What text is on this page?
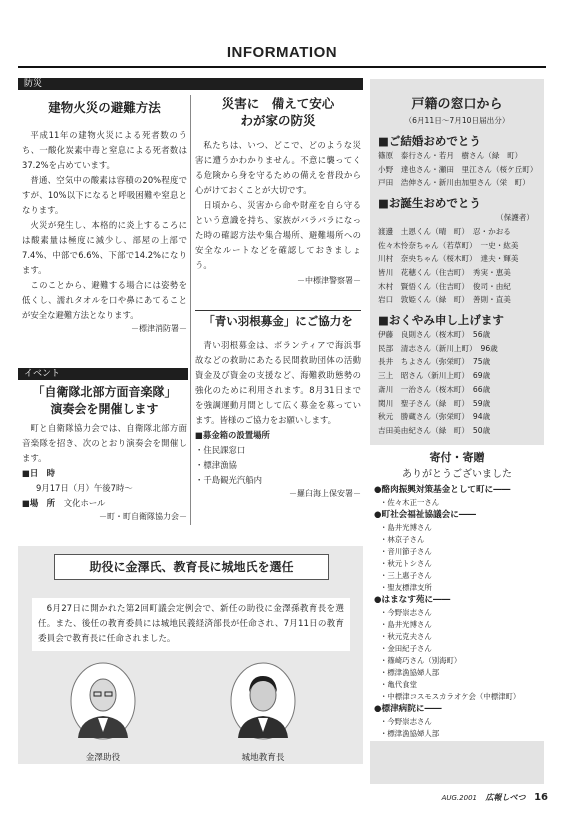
INFORMATION
防災
建物火災の避難方法

平成11年の建物火災による死者数のうち、一酸化炭素中毒と窒息による死者数は37.2%を占めています。

普通、空気中の酸素は容積の20%程度ですが、10%以下になると呼吸困難や窒息となります。

火災が発生し、本格的に炎上するころには酸素量は極度に減少し、部屋の上部で7.4%、中部で6.6%、下部で14.2%になります。

このことから、避難する場合には姿勢を低くし、濡れタオルを口や鼻にあてることが安全な避難方法となります。

－標津消防署－
災害に　備えて安心
わが家の防災

私たちは、いつ、どこで、どのような災害に遭うかわかりません。不意に襲ってくる危険から身を守るための備えを普段から心がけておくことが大切です。

日頃から、災害から命や財産を自ら守るという意識を持ち、家族がバラバラになった時の確認方法や集合場所、避難場所への安全なルートなどを確認しておきましょう。

－中標津警察署－
「青い羽根募金」にご協力を

青い羽根募金は、ボランティアで海浜事故などの救助にあたる民間救助団体の活動資金及び資金の支援など、海難救助態勢の強化のために利用されます。8月31日までを強調運動月間として広く募金を募っています。皆様のご協力をお願いします。

■募金箱の設置場所
・住民課窓口
・標津漁協
・千島観光汽船内
－羅臼海上保安署－
イベント
「自衛隊北部方面音楽隊」
演奏会を開催します

町と自衛隊協力会では、自衛隊北部方面音楽隊を招き、次のとおり演奏会を開催します。

■日　時
9月17日（月）午後7時～
■場　所 文化ホール
－町・町自衛隊協力会－
助役に金澤氏、教育長に城地氏を選任

6月27日に開かれた第2回町議会定例会で、新任の助役に金澤孫教育長を選任。また、後任の教育委員には城地民義経済部長が任命され、7月11日の教育委員会で教育長に任命されました。

金澤助役	城地教育長
戸籍の窓口から
（6月11日～7月10日届出分）
■ご結婚おめでとう
篠原　泰行さん・若月　樹さん（緑　町）
小野　達也さん・瀬田　里江さん（桜ケ丘町）
戸田　浩伸さん・新川由加里さん（栄　町）
■お誕生おめでとう
（保護者）
渡邊　土恩くん（晴　町）　忍・かおる
佐々木怜奈ちゃん（若草町）　一史・紘美
川村　奈央ちゃん（桜木町）　達夫・輝美
皆川　花穂くん（住吉町）　秀実・恵美
木村　賢悟くん（住吉町）　俊司・由紀
岩口　敦姫くん（緑　町）　善則・直美
■おくやみ申し上げます
伊藤　良則さん（桜木町）　56歳
民部　清志さん（新川上町）　96歳
長井　ちよさん（弥栄町）　75歳
三上　昭さん（新川上町）　69歳
斎川　一治さん（桜木町）　66歳
関川　聖子さん（緑　町）　59歳
秋元　勝蔵さん（弥栄町）　94歳
吉田美由紀さん（緑　町）　50歳
寄付・寄贈
ありがとうございました
●酪肉振興対策基金として町に――
・佐々木正一さん
●町社会福祉協議会に――
・島井光博さん
・林京子さん
・音川節子さん
・秋元トシさん
・三上惠子さん
・聖友標津支所
●はまなす苑に――
・今野崇志さん
・島井光博さん
・秋元克夫さん
・金田紀子さん
・篠崎巧さん（別海町）
・標津漁協婦人部
・亀代食堂
・中標津コスモスカラオケ会（中標津町）
●標津病院に――
・今野崇志さん
・標津漁協婦人部
AUG.2001 広報しべつ 16
